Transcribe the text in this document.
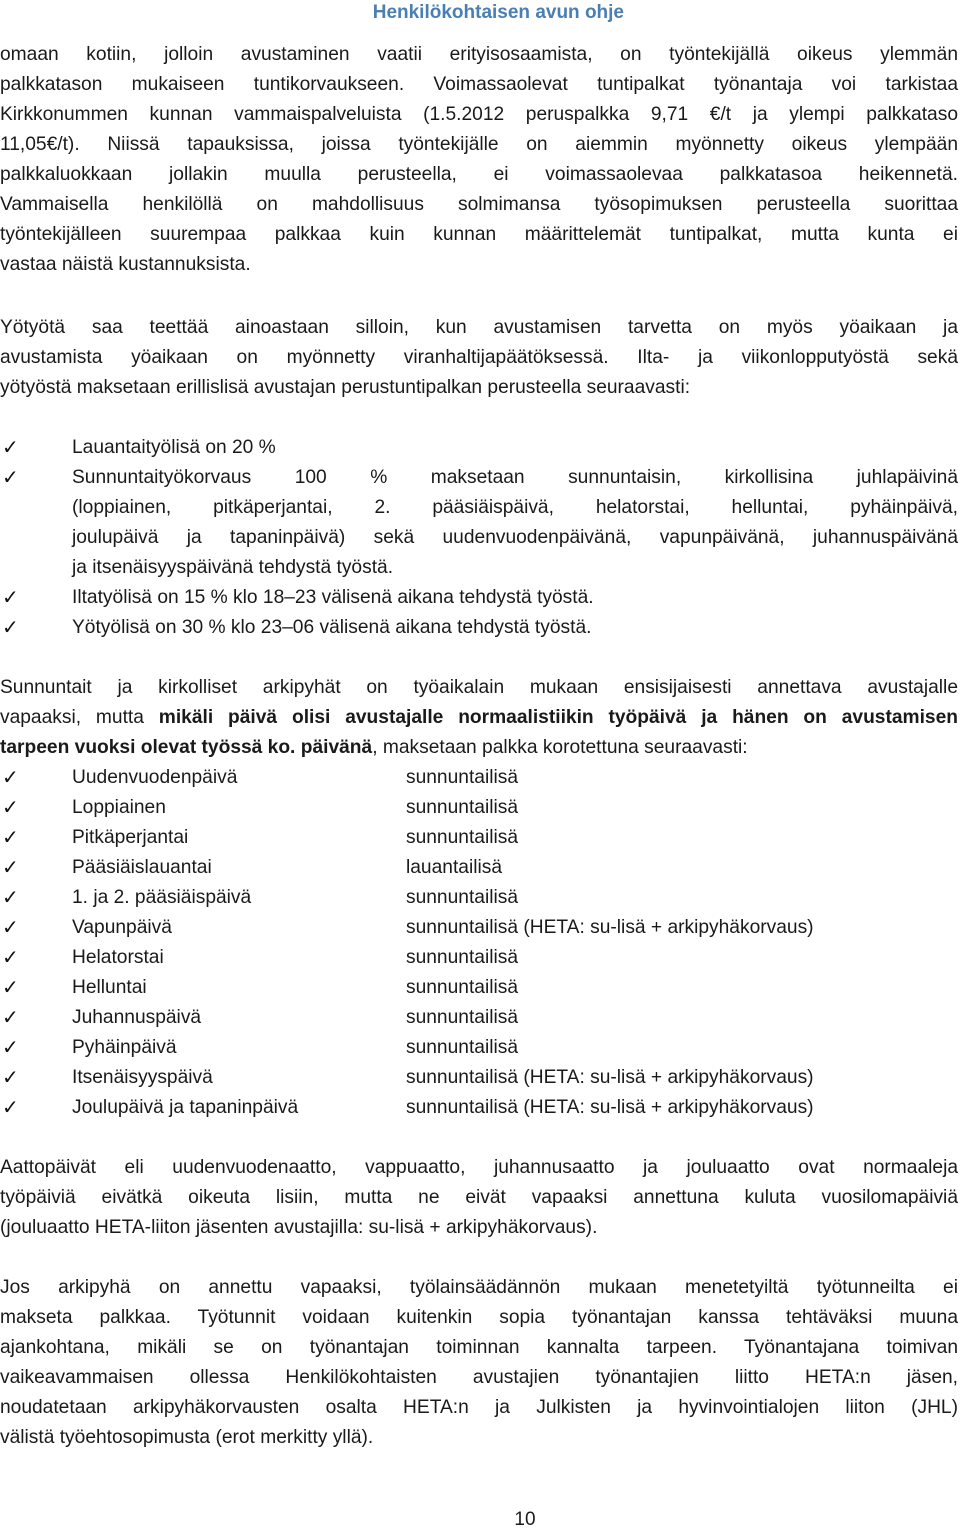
Henkilökohtaisen avun ohje
omaan kotiin, jolloin avustaminen vaatii erityisosaamista, on työntekijällä oikeus ylemmän
palkkatason mukaiseen tuntikorvaukseen. Voimassaolevat tuntipalkat työnantaja voi tarkistaa
Kirkkonummen kunnan vammaispalveluista (1.5.2012 peruspalkka 9,71 €/t ja ylempi palkkataso
11,05€/t). Niissä tapauksissa, joissa työntekijälle on aiemmin myönnetty oikeus ylempään
palkkaluokkaan jollakin muulla perusteella, ei voimassaolevaa palkkatasoa heikennetä.
Vammaisella henkilöllä on mahdollisuus solmimansa työsopimuksen perusteella suorittaa
työntekijälleen suurempaa palkkaa kuin kunnan määrittelemät tuntipalkat, mutta kunta ei
vastaa näistä kustannuksista.
Yötyötä saa teettää ainoastaan silloin, kun avustamisen tarvetta on myös yöaikaan ja
avustamista yöaikaan on myönnetty viranhaltijapäätöksessä. Ilta- ja viikonlopputyöstä sekä
yötyöstä maksetaan erillislisä avustajan perustuntipalkan perusteella seuraavasti:
✓	Lauantaityölisä on 20 %
✓	Sunnuntaityökorvaus 100 % maksetaan sunnuntaisin, kirkollisina juhlapäivinä
(loppiainen, pitkäperjantai, 2. pääsiäispäivä, helatorstai, helluntai, pyhäinpäivä,
joulupäivä ja tapaninpäivä) sekä uudenvuodenpäivänä, vapunpäivänä, juhannuspäivänä
ja itsenäisyyspäivänä tehdystä työstä.
✓	Iltatyölisä on 15 % klo 18–23 välisenä aikana tehdystä työstä.
✓	Yötyölisä on 30 % klo 23–06 välisenä aikana tehdystä työstä.
Sunnuntait ja kirkolliset arkipyhät on työaikalain mukaan ensisijaisesti annettava avustajalle
vapaaksi, mutta mikäli päivä olisi avustajalle normaalistiikin työpäivä ja hänen on avustamisen
tarpeen vuoksi olevat työssä ko. päivänä, maksetaan palkka korotettuna seuraavasti:
✓	Uudenvuodenpäivä	sunnuntailisä
✓	Loppiainen	sunnuntailisä
✓	Pitkäperjantai	sunnuntailisä
✓	Pääsiäislauantai	lauantailisä
✓	1. ja 2. pääsiäispäivä	sunnuntailisä
✓	Vapunpäivä	sunnuntailisä (HETA: su-lisä + arkipyhäkorvaus)
✓	Helatorstai	sunnuntailisä
✓	Helluntai	sunnuntailisä
✓	Juhannuspäivä	sunnuntailisä
✓	Pyhäinpäivä	sunnuntailisä
✓	Itsenäisyyspäivä	sunnuntailisä (HETA: su-lisä + arkipyhäkorvaus)
✓	Joulupäivä ja tapaninpäivä	sunnuntailisä (HETA: su-lisä + arkipyhäkorvaus)
Aattopäivät eli uudenvuodenaatto, vappuaatto, juhannusaatto ja jouluaatto ovat normaaleja
työpäiviä eivätkä oikeuta lisiin, mutta ne eivät vapaaksi annettuna kuluta vuosilomapäiviä
(jouluaatto HETA-liiton jäsenten avustajilla: su-lisä + arkipyhäkorvaus).
Jos arkipyhä on annettu vapaaksi, työlainsäädännön mukaan menetetyiltä työtunneilta ei
makseta palkkaa. Työtunnit voidaan kuitenkin sopia työnantajan kanssa tehtäväksi muuna
ajankohtana, mikäli se on työnantajan toiminnan kannalta tarpeen. Työnantajana toimivan
vaikeavammaisen ollessa Henkilökohtaisten avustajien työnantajien liitto HETA:n jäsen,
noudatetaan arkipyhäkorvausten osalta HETA:n ja Julkisten ja hyvinvointialojen liiton (JHL)
välistä työehtosopimusta (erot merkitty yllä).
10
